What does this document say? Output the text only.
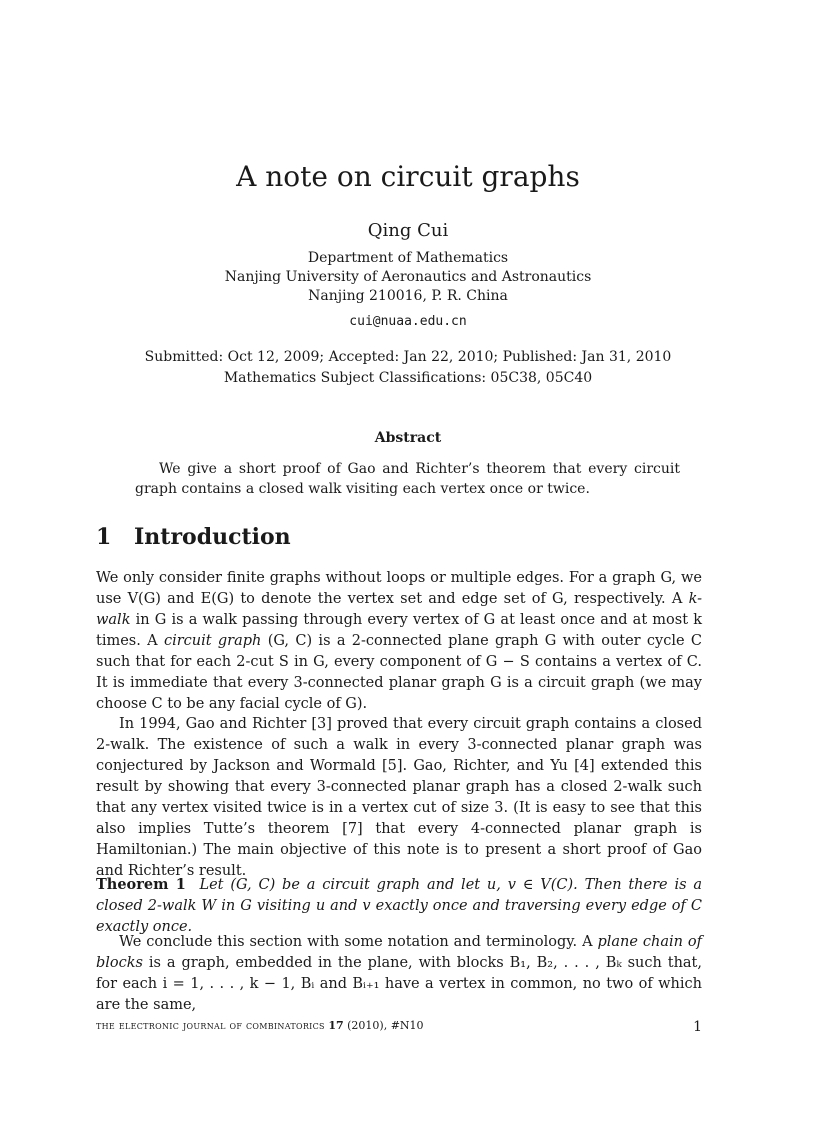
A note on circuit graphs
Qing Cui
Department of Mathematics
Nanjing University of Aeronautics and Astronautics
Nanjing 210016, P. R. China
cui@nuaa.edu.cn
Submitted: Oct 12, 2009; Accepted: Jan 22, 2010; Published: Jan 31, 2010
Mathematics Subject Classifications: 05C38, 05C40
Abstract
We give a short proof of Gao and Richter’s theorem that every circuit graph contains a closed walk visiting each vertex once or twice.
1 Introduction
We only consider finite graphs without loops or multiple edges. For a graph G, we use V(G) and E(G) to denote the vertex set and edge set of G, respectively. A k-walk in G is a walk passing through every vertex of G at least once and at most k times. A circuit graph (G, C) is a 2-connected plane graph G with outer cycle C such that for each 2-cut S in G, every component of G − S contains a vertex of C. It is immediate that every 3-connected planar graph G is a circuit graph (we may choose C to be any facial cycle of G).
In 1994, Gao and Richter [3] proved that every circuit graph contains a closed 2-walk. The existence of such a walk in every 3-connected planar graph was conjectured by Jackson and Wormald [5]. Gao, Richter, and Yu [4] extended this result by showing that every 3-connected planar graph has a closed 2-walk such that any vertex visited twice is in a vertex cut of size 3. (It is easy to see that this also implies Tutte’s theorem [7] that every 4-connected planar graph is Hamiltonian.) The main objective of this note is to present a short proof of Gao and Richter’s result.
Theorem 1 Let (G, C) be a circuit graph and let u, v ∈ V(C). Then there is a closed 2-walk W in G visiting u and v exactly once and traversing every edge of C exactly once.
We conclude this section with some notation and terminology. A plane chain of blocks is a graph, embedded in the plane, with blocks B₁, B₂, . . . , Bₖ such that, for each i = 1, . . . , k − 1, Bᵢ and Bᵢ₊₁ have a vertex in common, no two of which are the same,
the electronic journal of combinatorics 17 (2010), #N10	1
